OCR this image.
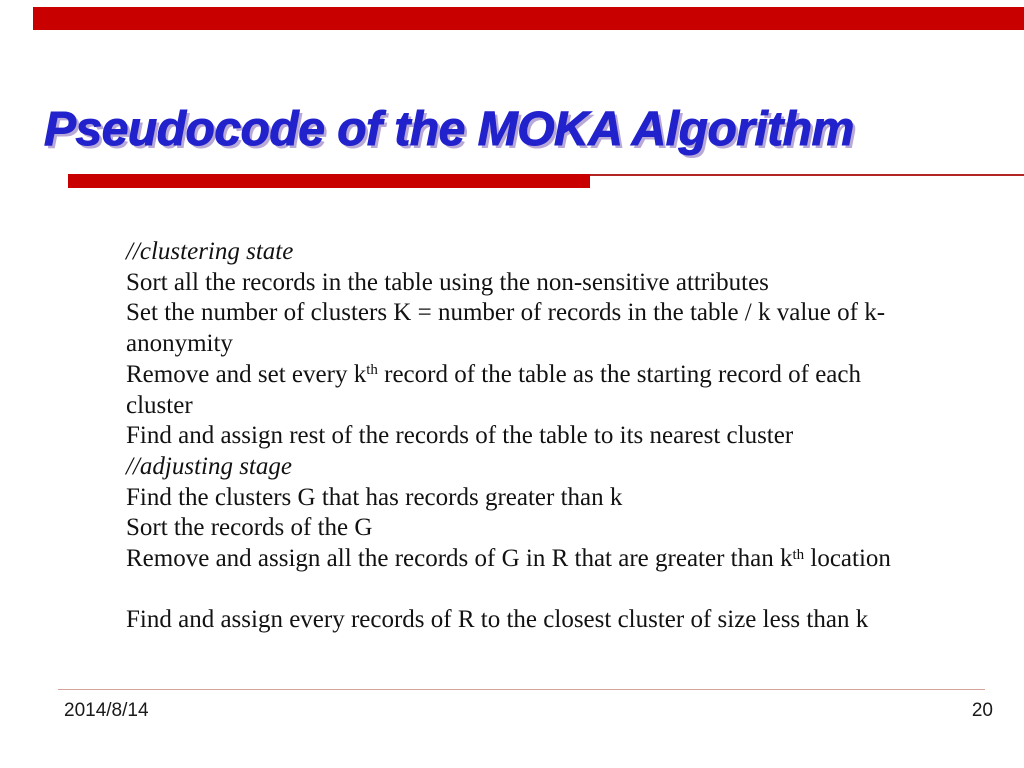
Pseudocode of the MOKA Algorithm
//clustering state
Sort all the records in the table using the non-sensitive attributes
Set the number of clusters K = number of records in the table / k value of k-
anonymity
Remove and set every $k^{th}$ record of the table as the starting record of each
cluster
Find and assign rest of the records of the table to its nearest cluster
//adjusting stage
Find the clusters G that has records greater than k
Sort the records of the G
Remove and assign all the records of G in R that are greater than $k^{th}$ location

Find and assign every records of R to the closest cluster of size less than k
2014/8/14	20
